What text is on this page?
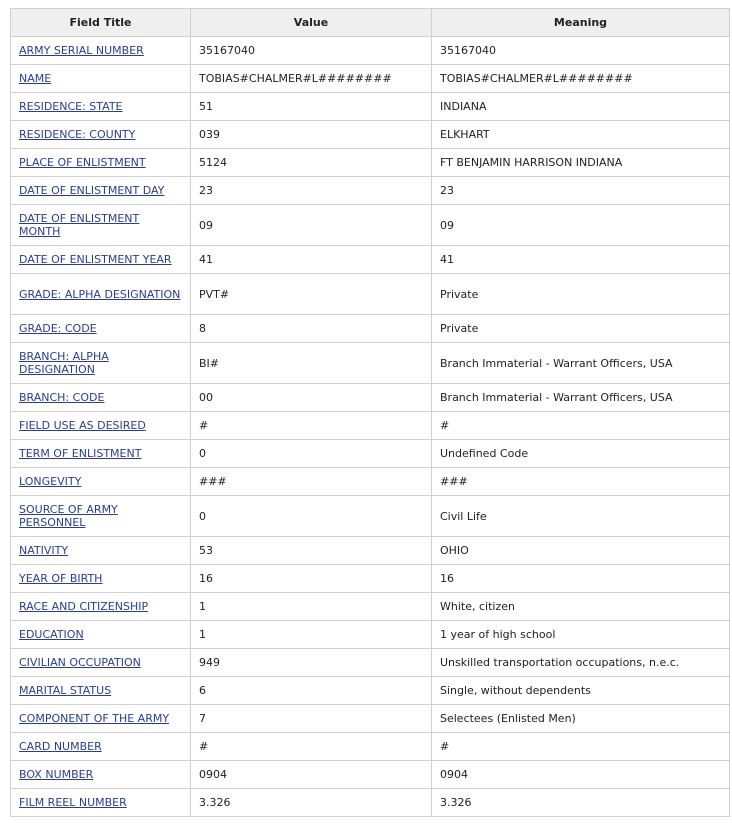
Field Title	Value	Meaning
ARMY SERIAL NUMBER	35167040	35167040
NAME	TOBIAS#CHALMER#L########	TOBIAS#CHALMER#L########
RESIDENCE: STATE	51	INDIANA
RESIDENCE: COUNTY	039	ELKHART
PLACE OF ENLISTMENT	5124	FT BENJAMIN HARRISON INDIANA
DATE OF ENLISTMENT DAY	23	23
DATE OF ENLISTMENT MONTH	09	09
DATE OF ENLISTMENT YEAR	41	41
GRADE: ALPHA DESIGNATION	PVT#	Private
GRADE: CODE	8	Private
BRANCH: ALPHA DESIGNATION	BI#	Branch Immaterial - Warrant Officers, USA
BRANCH: CODE	00	Branch Immaterial - Warrant Officers, USA
FIELD USE AS DESIRED	#	#
TERM OF ENLISTMENT	0	Undefined Code
LONGEVITY	###	###
SOURCE OF ARMY PERSONNEL	0	Civil Life
NATIVITY	53	OHIO
YEAR OF BIRTH	16	16
RACE AND CITIZENSHIP	1	White, citizen
EDUCATION	1	1 year of high school
CIVILIAN OCCUPATION	949	Unskilled transportation occupations, n.e.c.
MARITAL STATUS	6	Single, without dependents
COMPONENT OF THE ARMY	7	Selectees (Enlisted Men)
CARD NUMBER	#	#
BOX NUMBER	0904	0904
FILM REEL NUMBER	3.326	3.326
